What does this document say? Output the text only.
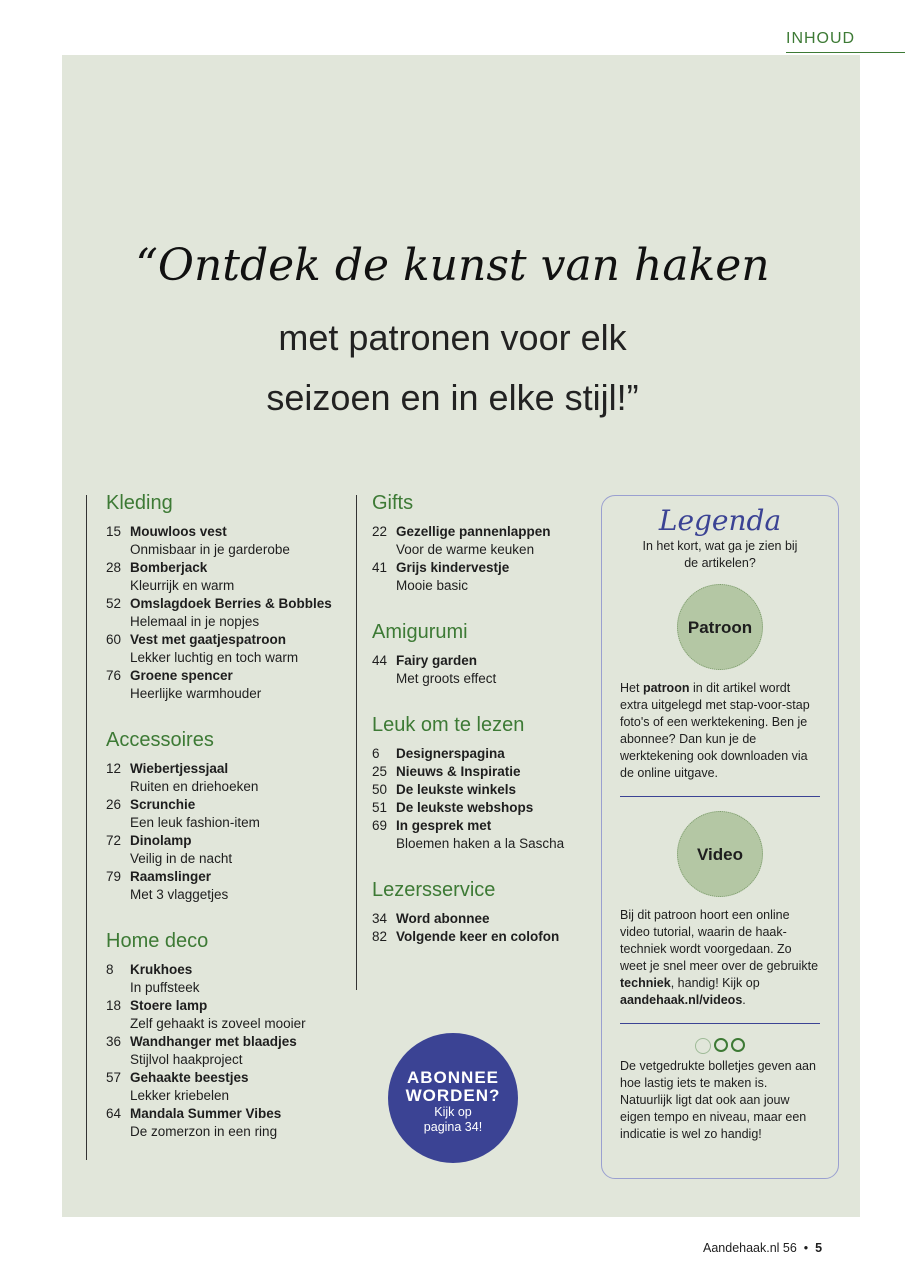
INHOUD
“Ontdek de kunst van haken
met patronen voor elk
seizoen en in elke stijl!”
Kleding
15 Mouwloos vest
Onmisbaar in je garderobe
28 Bomberjack
Kleurrijk en warm
52 Omslagdoek Berries & Bobbles
Helemaal in je nopjes
60 Vest met gaatjespatroon
Lekker luchtig en toch warm
76 Groene spencer
Heerlijke warmhouder
Accessoires
12 Wiebertjessjaal
Ruiten en driehoeken
26 Scrunchie
Een leuk fashion-item
72 Dinolamp
Veilig in de nacht
79 Raamslinger
Met 3 vlaggetjes
Home deco
8	Krukhoes
In puffsteek
18 Stoere lamp
Zelf gehaakt is zoveel mooier
36 Wandhanger met blaadjes
Stijlvol haakproject
57 Gehaakte beestjes
Lekker kriebelen
64 Mandala Summer Vibes
De zomerzon in een ring
Gifts
22 Gezellige pannenlappen
Voor de warme keuken
41 Grijs kindervestje
Mooie basic
Amigurumi
44 Fairy garden
Met groots effect
Leuk om te lezen
6	Designerspagina
25 Nieuws & Inspiratie
50 De leukste winkels
51 De leukste webshops
69 In gesprek met
Bloemen haken a la Sascha
Lezersservice
34 Word abonnee
82 Volgende keer en colofon
ABONNEE WORDEN?
Kijk op pagina 34!
Legenda
In het kort, wat ga je zien bij de artikelen?
Patroon

Het patroon in dit artikel wordt extra uitgelegd met stap-voor-stap foto's of een werktekening. Ben je abonnee? Dan kun je de werktekening ook downloaden via de online uitgave.

Video

Bij dit patroon hoort een online video tutorial, waarin de haak-techniek wordt voorgedaan. Zo weet je snel meer over de gebruikte techniek, handig! Kijk op aandehaak.nl/videos.

De vetgedrukte bolletjes geven aan hoe lastig iets te maken is. Natuurlijk ligt dat ook aan jouw eigen tempo en niveau, maar een indicatie is wel zo handig!

Aandehaak.nl 56  •  5
